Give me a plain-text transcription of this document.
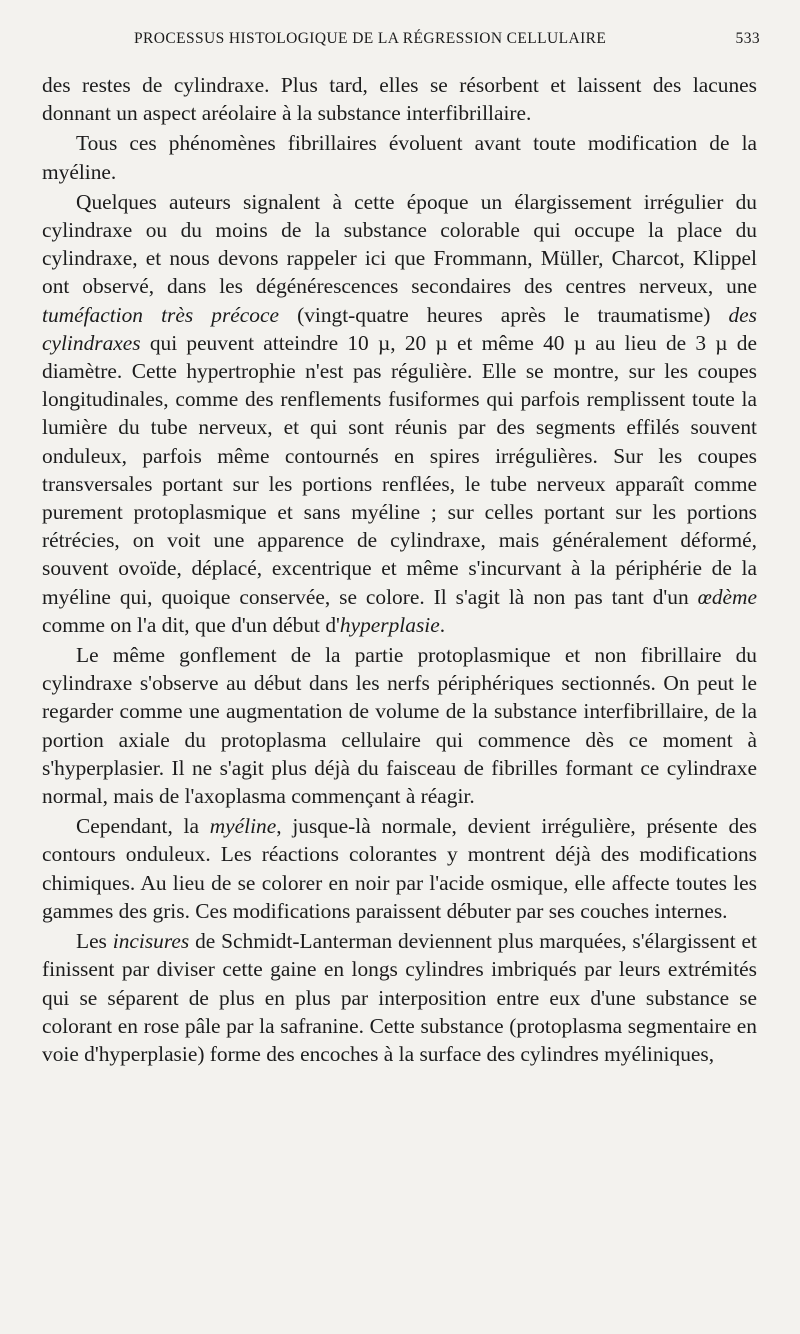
PROCESSUS HISTOLOGIQUE DE LA RÉGRESSION CELLULAIRE	533

des restes de cylindraxe. Plus tard, elles se résorbent et laissent des lacunes donnant un aspect aréolaire à la substance interfibrillaire.

Tous ces phénomènes fibrillaires évoluent avant toute modification de la myéline.

Quelques auteurs signalent à cette époque un élargissement irrégulier du cylindraxe ou du moins de la substance colorable qui occupe la place du cylindraxe, et nous devons rappeler ici que Frommann, Müller, Charcot, Klippel ont observé, dans les dégénérescences secondaires des centres nerveux, une tuméfaction très précoce (vingt-quatre heures après le traumatisme) des cylindraxes qui peuvent atteindre 10 µ, 20 µ et même 40 µ au lieu de 3 µ de diamètre. Cette hypertrophie n'est pas régulière. Elle se montre, sur les coupes longitudinales, comme des renflements fusiformes qui parfois remplissent toute la lumière du tube nerveux, et qui sont réunis par des segments effilés souvent onduleux, parfois même contournés en spires irrégulières. Sur les coupes transversales portant sur les portions renflées, le tube nerveux apparaît comme purement protoplasmique et sans myéline ; sur celles portant sur les portions rétrécies, on voit une apparence de cylindraxe, mais généralement déformé, souvent ovoïde, déplacé, excentrique et même s'incurvant à la périphérie de la myéline qui, quoique conservée, se colore. Il s'agit là non pas tant d'un œdème comme on l'a dit, que d'un début d'hyperplasie.

Le même gonflement de la partie protoplasmique et non fibrillaire du cylindraxe s'observe au début dans les nerfs périphériques sectionnés. On peut le regarder comme une augmentation de volume de la substance interfibrillaire, de la portion axiale du protoplasma cellulaire qui commence dès ce moment à s'hyperplasier. Il ne s'agit plus déjà du faisceau de fibrilles formant ce cylindraxe normal, mais de l'axoplasma commençant à réagir.

Cependant, la myéline, jusque-là normale, devient irrégulière, présente des contours onduleux. Les réactions colorantes y montrent déjà des modifications chimiques. Au lieu de se colorer en noir par l'acide osmique, elle affecte toutes les gammes des gris. Ces modifications paraissent débuter par ses couches internes.

Les incisures de Schmidt-Lanterman deviennent plus marquées, s'élargissent et finissent par diviser cette gaine en longs cylindres imbriqués par leurs extrémités qui se séparent de plus en plus par interposition entre eux d'une substance se colorant en rose pâle par la safranine. Cette substance (protoplasma segmentaire en voie d'hyperplasie) forme des encoches à la surface des cylindres myéliniques,
